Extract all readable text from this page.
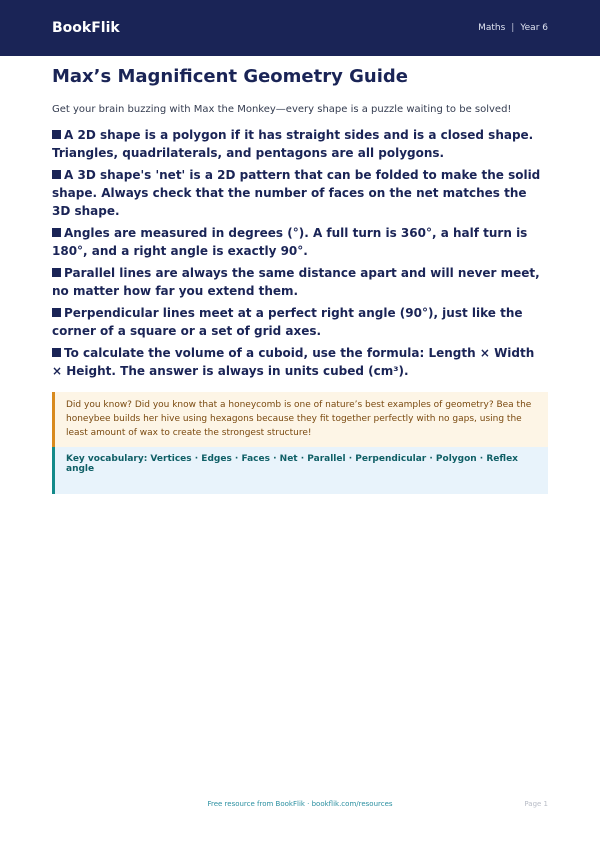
BookFlik	Maths | Year 6
Max’s Magnificent Geometry Guide
Get your brain buzzing with Max the Monkey—every shape is a puzzle waiting to be solved!
A 2D shape is a polygon if it has straight sides and is a closed shape. Triangles, quadrilaterals, and pentagons are all polygons.
A 3D shape's 'net' is a 2D pattern that can be folded to make the solid shape. Always check that the number of faces on the net matches the 3D shape.
Angles are measured in degrees (°). A full turn is 360°, a half turn is 180°, and a right angle is exactly 90°.
Parallel lines are always the same distance apart and will never meet, no matter how far you extend them.
Perpendicular lines meet at a perfect right angle (90°), just like the corner of a square or a set of grid axes.
To calculate the volume of a cuboid, use the formula: Length × Width × Height. The answer is always in units cubed (cm³).
Did you know? Did you know that a honeycomb is one of nature’s best examples of geometry? Bea the honeybee builds her hive using hexagons because they fit together perfectly with no gaps, using the least amount of wax to create the strongest structure!
Key vocabulary: Vertices · Edges · Faces · Net · Parallel · Perpendicular · Polygon · Reflex angle
Free resource from BookFlik · bookflik.com/resources	Page 1
